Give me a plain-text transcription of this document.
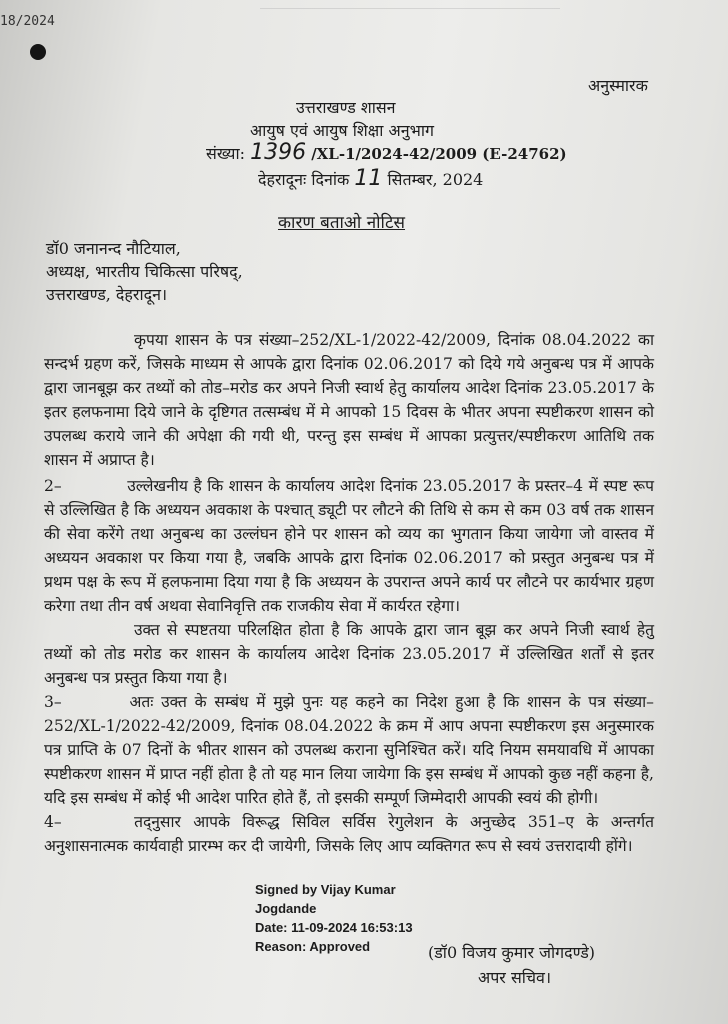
18/2024
अनुस्मारक
उत्तराखण्ड शासन
आयुष एवं आयुष शिक्षा अनुभाग
संख्या: 1396 /XL-1/2024-42/2009 (E-24762)
देहरादूनः दिनांक 11 सितम्बर, 2024
कारण बताओ नोटिस
डॉ0 जनानन्द नौटियाल,
अध्यक्ष, भारतीय चिकित्सा परिषद्,
उत्तराखण्ड, देहरादून।

कृपया शासन के पत्र संख्या–252/XL-1/2022-42/2009, दिनांक 08.04.2022 का सन्दर्भ ग्रहण करें, जिसके माध्यम से आपके द्वारा दिनांक 02.06.2017 को दिये गये अनुबन्ध पत्र में आपके द्वारा जानबूझ कर तथ्यों को तोड–मरोड कर अपने निजी स्वार्थ हेतु कार्यालय आदेश दिनांक 23.05.2017 के इतर हलफनामा दिये जाने के दृष्टिगत तत्सम्बंध में मे आपको 15 दिवस के भीतर अपना स्पष्टीकरण शासन को उपलब्ध कराये जाने की अपेक्षा की गयी थी, परन्तु इस सम्बंध में आपका प्रत्युत्तर/स्पष्टीकरण आतिथि तक शासन में अप्राप्त है।

2–	उल्लेखनीय है कि शासन के कार्यालय आदेश दिनांक 23.05.2017 के प्रस्तर–4 में स्पष्ट रूप से उल्लिखित है कि अध्ययन अवकाश के पश्चात् ड्यूटी पर लौटने की तिथि से कम से कम 03 वर्ष तक शासन की सेवा करेंगे तथा अनुबन्ध का उल्लंघन होने पर शासन को व्यय का भुगतान किया जायेगा जो वास्तव में अध्ययन अवकाश पर किया गया है, जबकि आपके द्वारा दिनांक 02.06.2017 को प्रस्तुत अनुबन्ध पत्र में प्रथम पक्ष के रूप में हलफनामा दिया गया है कि अध्ययन के उपरान्त अपने कार्य पर लौटने पर कार्यभार ग्रहण करेगा तथा तीन वर्ष अथवा सेवानिवृत्ति तक राजकीय सेवा में कार्यरत रहेगा।

उक्त से स्पष्टतया परिलक्षित होता है कि आपके द्वारा जान बूझ कर अपने निजी स्वार्थ हेतु तथ्यों को तोड मरोड कर शासन के कार्यालय आदेश दिनांक 23.05.2017 में उल्लिखित शर्तों से इतर अनुबन्ध पत्र प्रस्तुत किया गया है।

3–	अतः उक्त के सम्बंध में मुझे पुनः यह कहने का निदेश हुआ है कि शासन के पत्र संख्या–252/XL-1/2022-42/2009, दिनांक 08.04.2022 के क्रम में आप अपना स्पष्टीकरण इस अनुस्मारक पत्र प्राप्ति के 07 दिनों के भीतर शासन को उपलब्ध कराना सुनिश्चित करें। यदि नियम समयावधि में आपका स्पष्टीकरण शासन में प्राप्त नहीं होता है तो यह मान लिया जायेगा कि इस सम्बंध में आपको कुछ नहीं कहना है, यदि इस सम्बंध में कोई भी आदेश पारित होते हैं, तो इसकी सम्पूर्ण जिम्मेदारी आपकी स्वयं की होगी।

4–	तद्नुसार आपके विरूद्ध सिविल सर्विस रेगुलेशन के अनुच्छेद 351–ए के अन्तर्गत अनुशासनात्मक कार्यवाही प्रारम्भ कर दी जायेगी, जिसके लिए आप व्यक्तिगत रूप से स्वयं उत्तरादायी होंगे।

Signed by Vijay Kumar
Jogdande
Date: 11-09-2024 16:53:13
Reason: Approved	(डॉ0 विजय कुमार जोगदण्डे)
अपर सचिव।
